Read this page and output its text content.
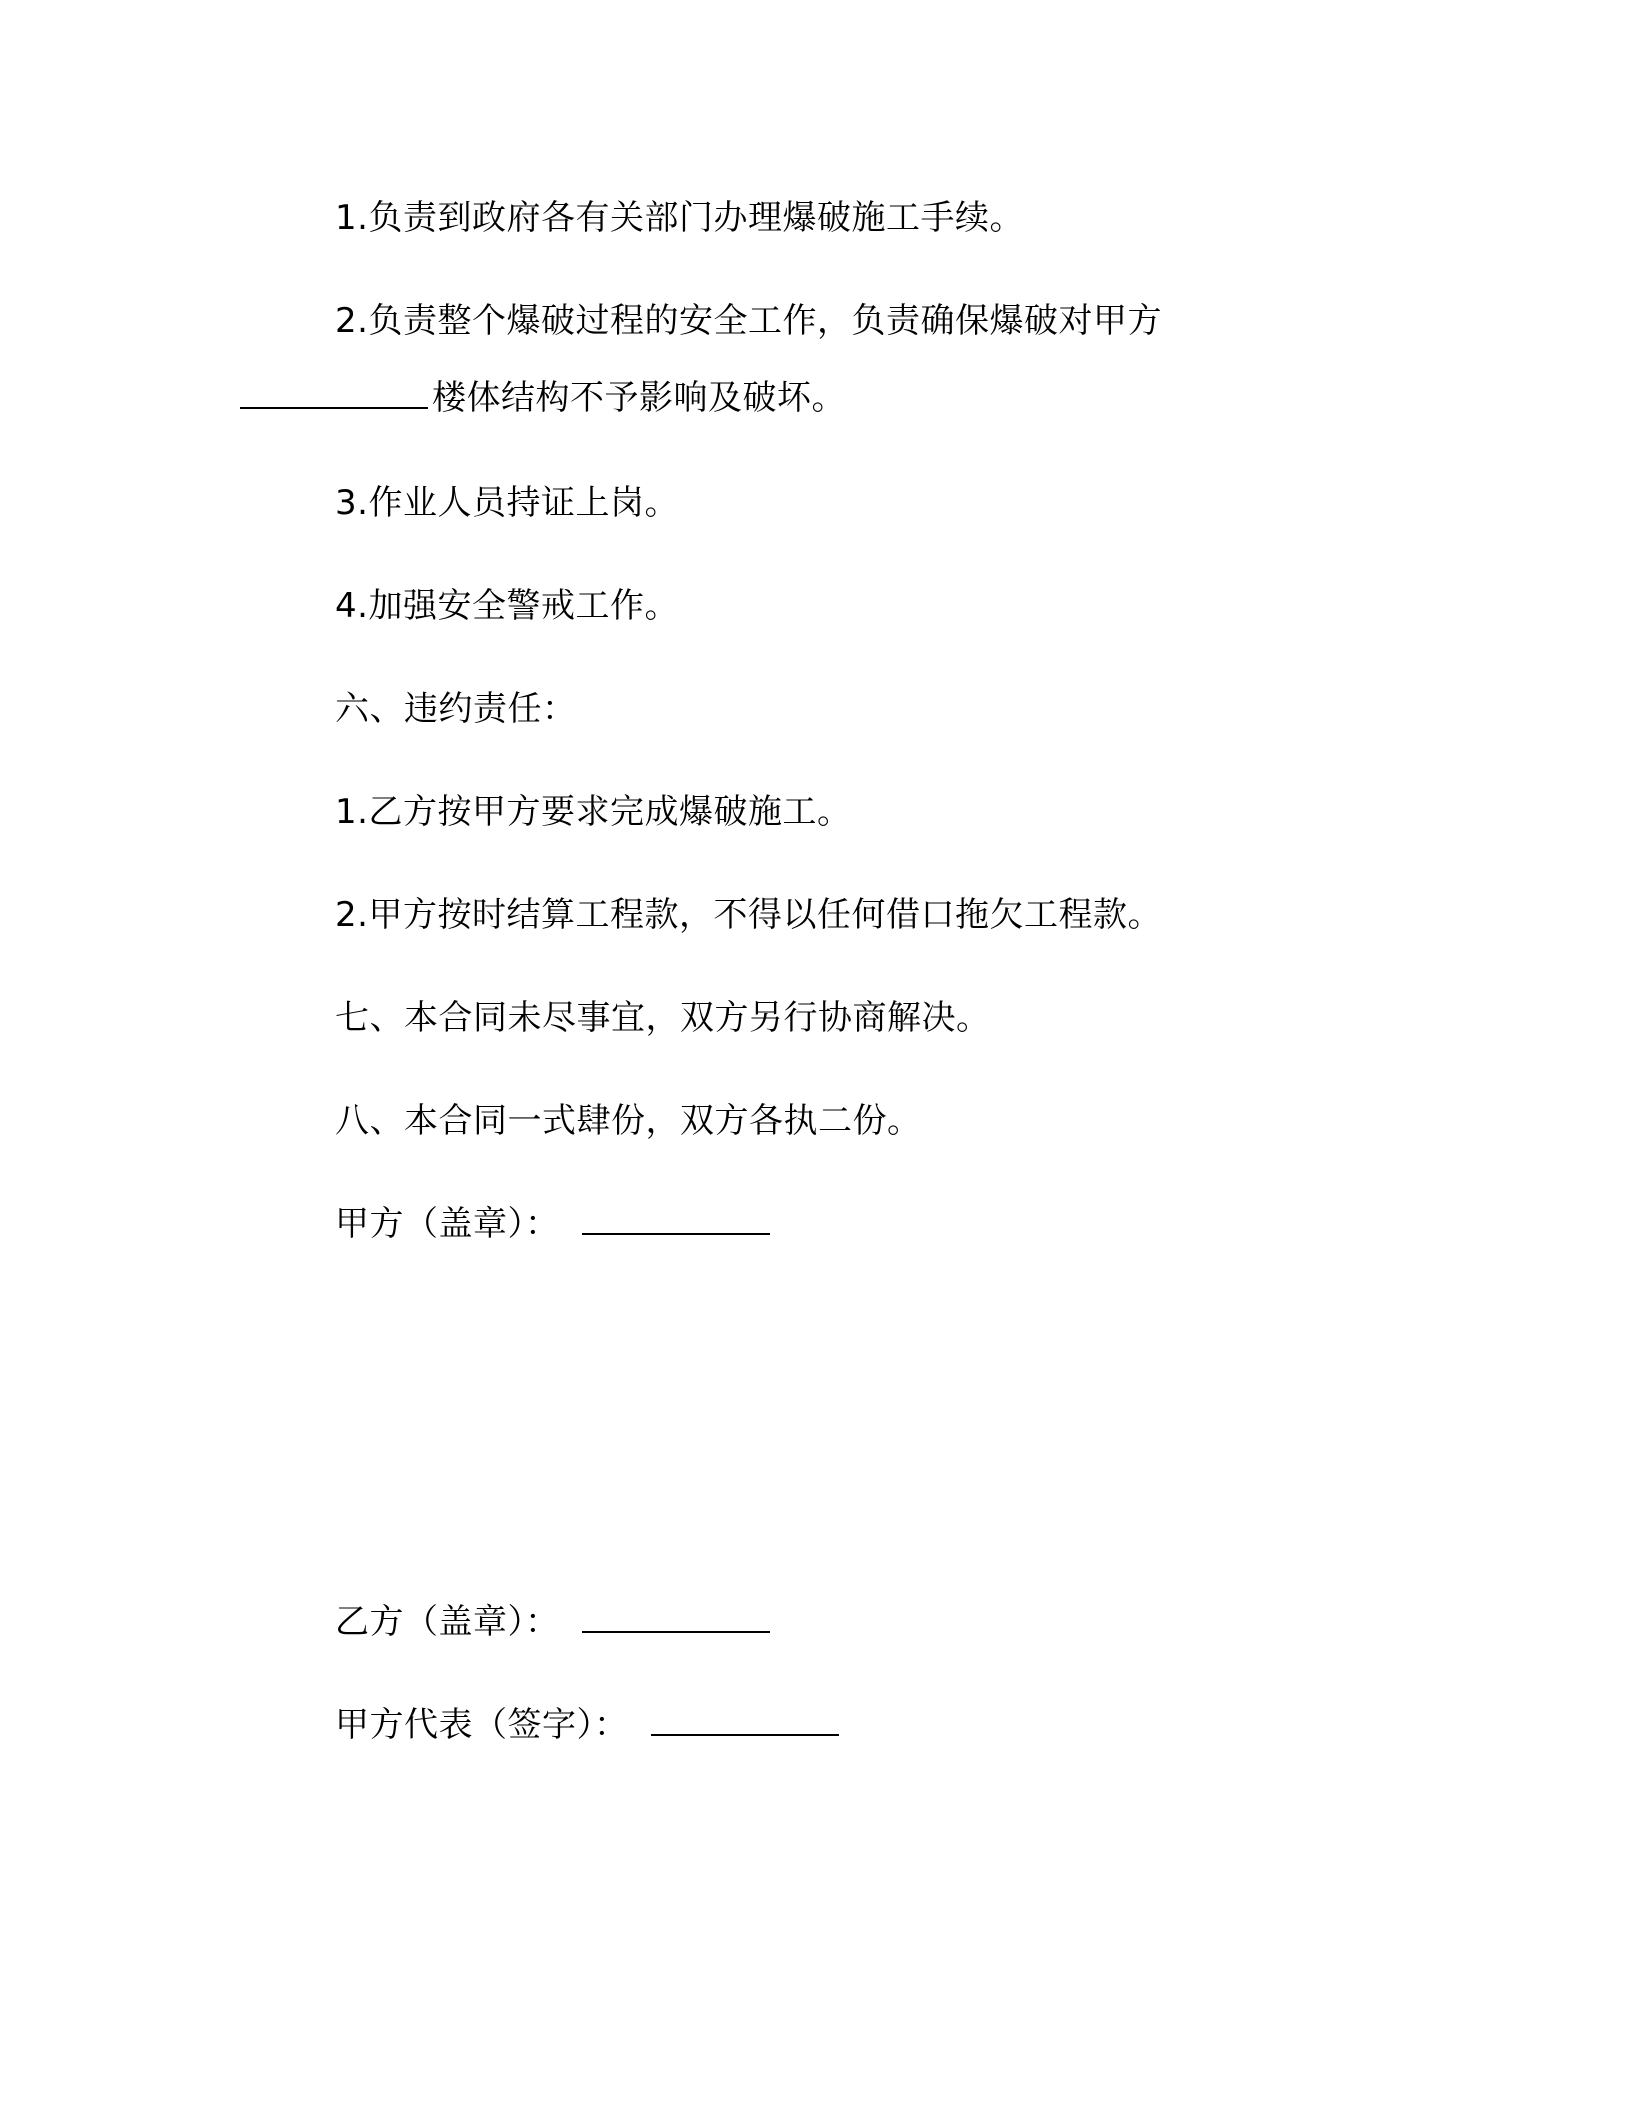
1.负责到政府各有关部门办理爆破施工手续。
2.负责整个爆破过程的安全工作，负责确保爆破对甲方
楼体结构不予影响及破坏。
3.作业人员持证上岗。
4.加强安全警戒工作。
六、违约责任：
1.乙方按甲方要求完成爆破施工。
2.甲方按时结算工程款，不得以任何借口拖欠工程款。
七、本合同未尽事宜，双方另行协商解决。
八、本合同一式肆份，双方各执二份。
甲方（盖章）：
乙方（盖章）：
甲方代表（签字）：
